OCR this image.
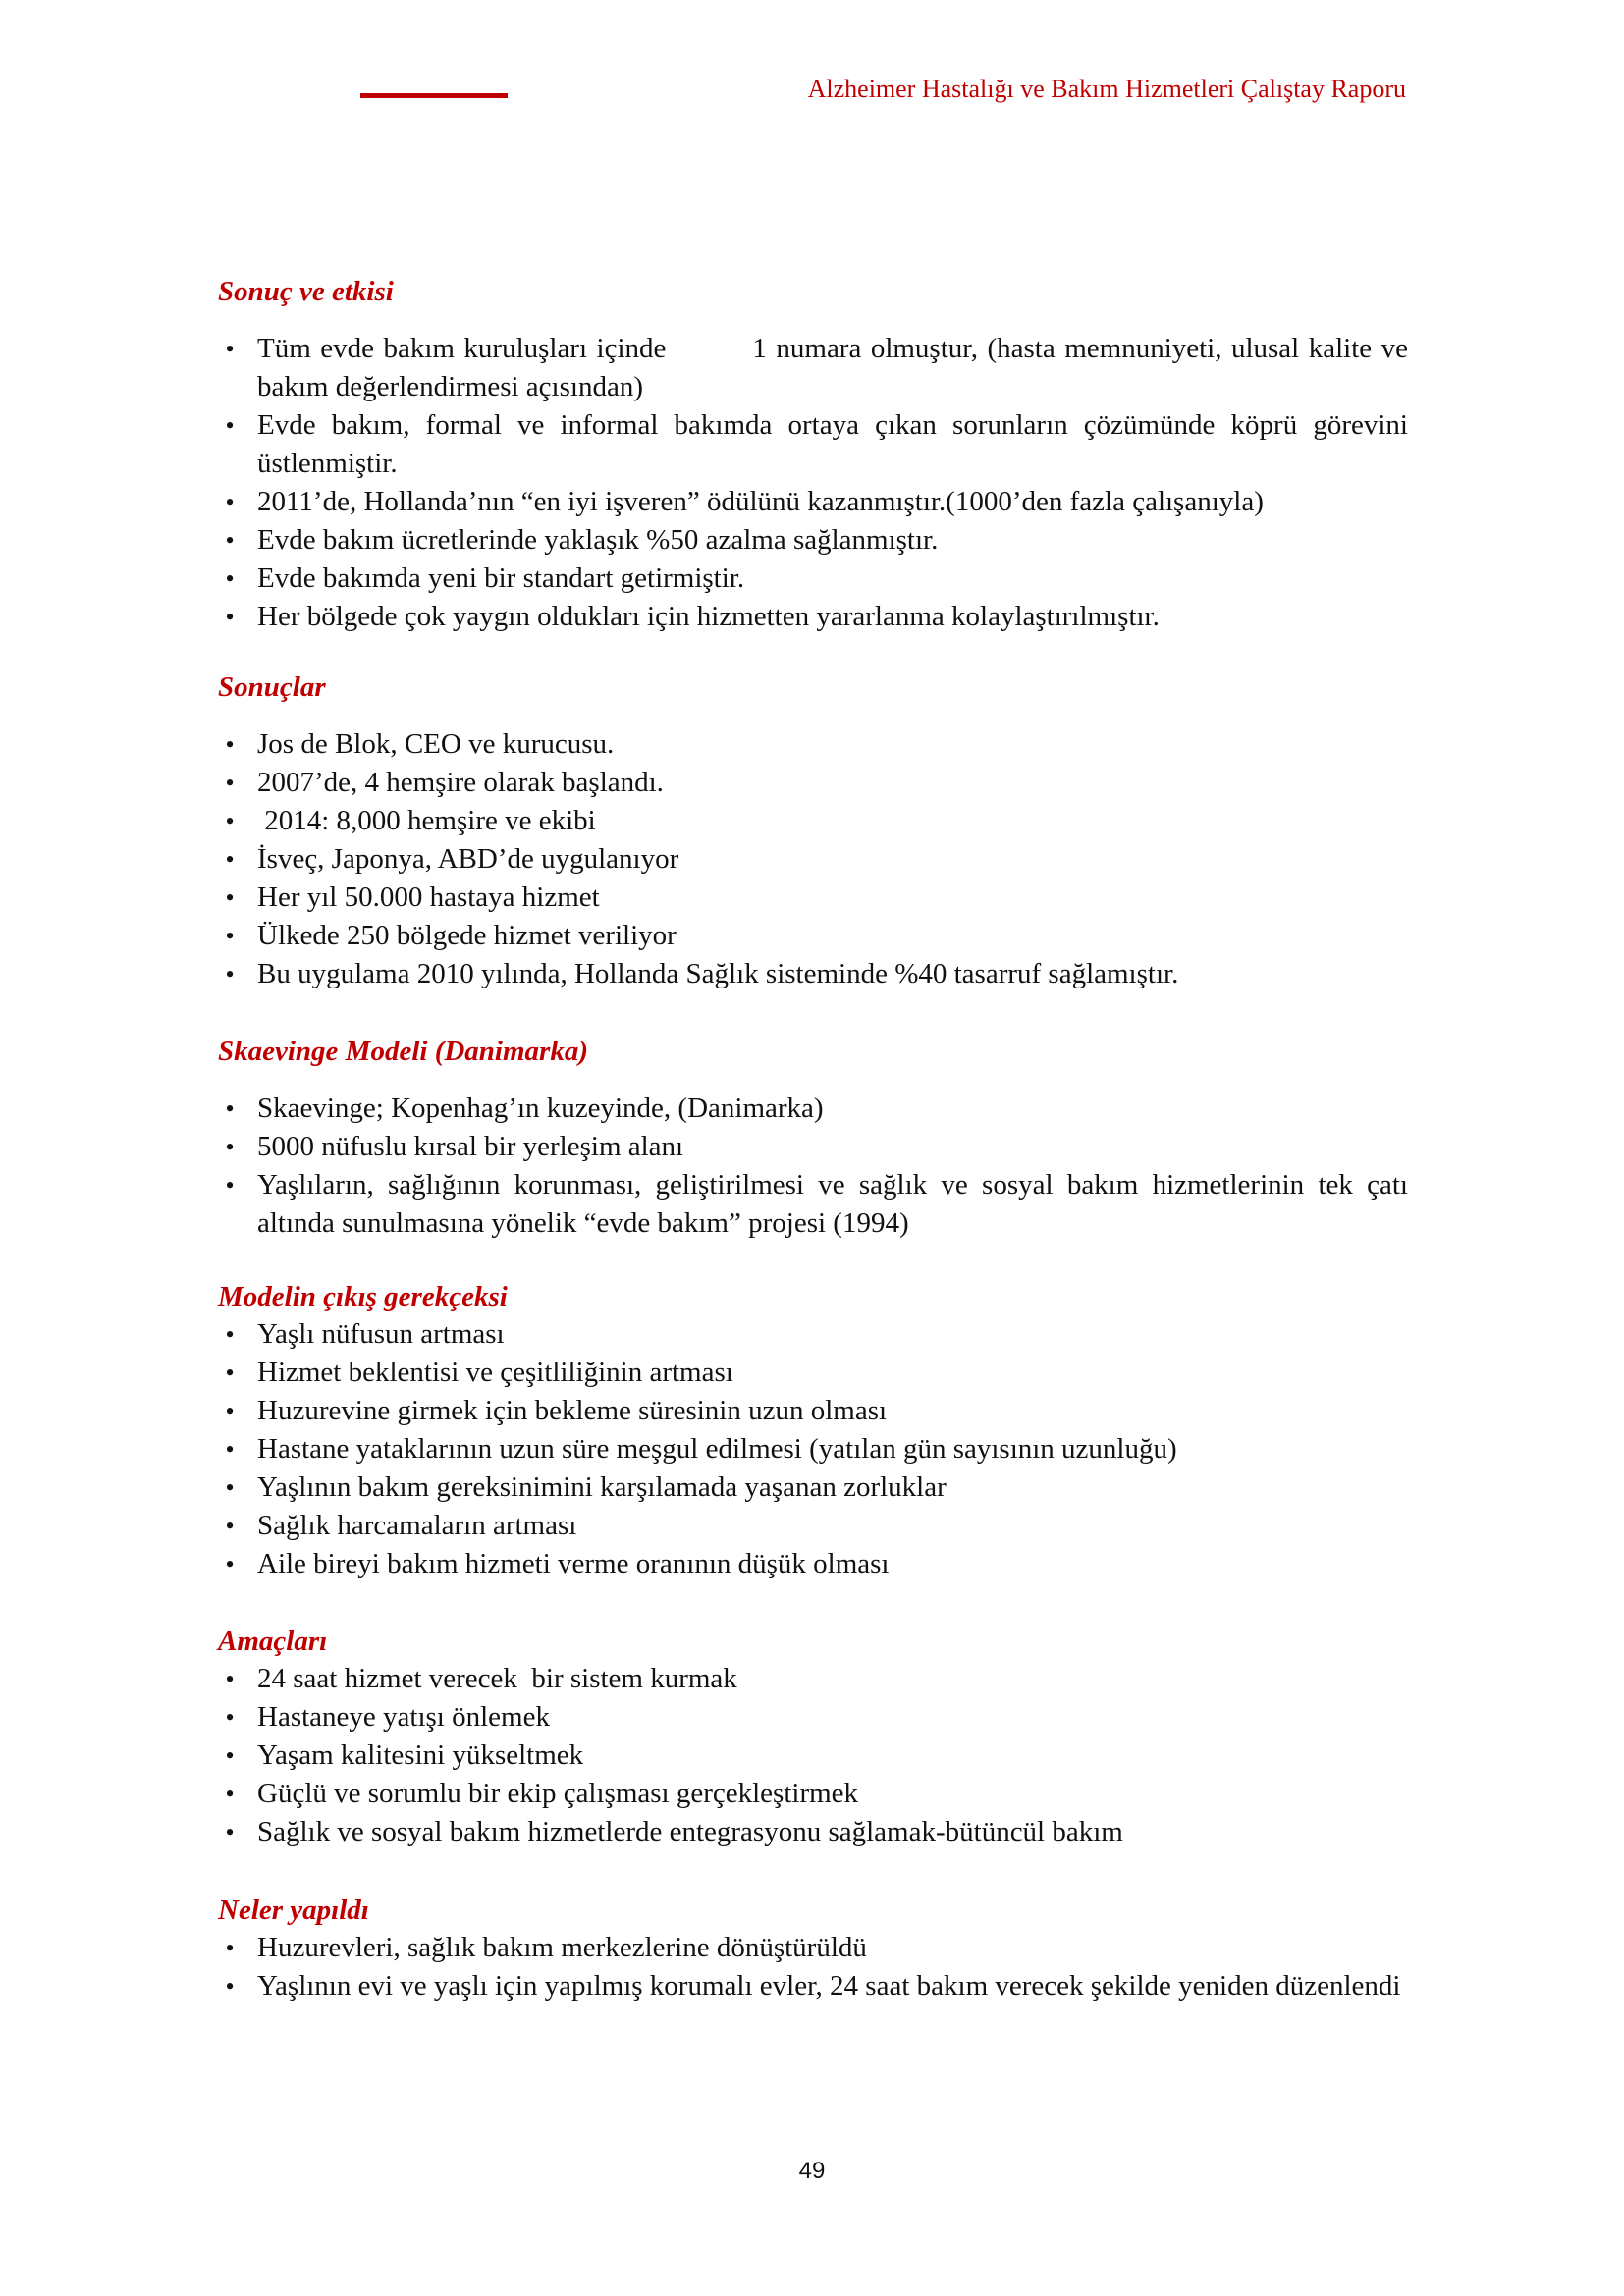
Alzheimer Hastalığı ve Bakım Hizmetleri Çalıştay Raporu
Sonuç ve etkisi
• Tüm evde bakım kuruluşları içinde	1 numara olmuştur, (hasta memnuniyeti, ulusal kalite ve bakım değerlendirmesi açısından)
• Evde bakım, formal ve informal bakımda ortaya çıkan sorunların çözümünde köprü görevini üstlenmiştir.
• 2011’de, Hollanda’nın “en iyi işveren” ödülünü kazanmıştır.(1000’den fazla çalışanıyla)
• Evde bakım ücretlerinde yaklaşık %50 azalma sağlanmıştır.
• Evde bakımda yeni bir standart getirmiştir.
• Her bölgede çok yaygın oldukları için hizmetten yararlanma kolaylaştırılmıştır.
Sonuçlar
• Jos de Blok, CEO ve kurucusu.
• 2007’de, 4 hemşire olarak başlandı.
• 2014: 8,000 hemşire ve ekibi
• İsveç, Japonya, ABD’de uygulanıyor
• Her yıl 50.000 hastaya hizmet
• Ülkede 250 bölgede hizmet veriliyor
• Bu uygulama 2010 yılında, Hollanda Sağlık sisteminde %40 tasarruf sağlamıştır.
Skaevinge Modeli (Danimarka)
• Skaevinge; Kopenhag’ın kuzeyinde, (Danimarka)
• 5000 nüfuslu kırsal bir yerleşim alanı
• Yaşlıların, sağlığının korunması, geliştirilmesi ve sağlık ve sosyal bakım hizmetlerinin tek çatı altında sunulmasına yönelik “evde bakım” projesi (1994)
Modelin çıkış gerekçeksi
• Yaşlı nüfusun artması
• Hizmet beklentisi ve çeşitliliğinin artması
• Huzurevine girmek için bekleme süresinin uzun olması
• Hastane yataklarının uzun süre meşgul edilmesi (yatılan gün sayısının uzunluğu)
• Yaşlının bakım gereksinimini karşılamada yaşanan zorluklar
• Sağlık harcamaların artması
• Aile bireyi bakım hizmeti verme oranının düşük olması
Amaçları
• 24 saat hizmet verecek  bir sistem kurmak
• Hastaneye yatışı önlemek
• Yaşam kalitesini yükseltmek
• Güçlü ve sorumlu bir ekip çalışması gerçekleştirmek
• Sağlık ve sosyal bakım hizmetlerde entegrasyonu sağlamak-bütüncül bakım
Neler yapıldı
• Huzurevleri, sağlık bakım merkezlerine dönüştürüldü
• Yaşlının evi ve yaşlı için yapılmış korumalı evler, 24 saat bakım verecek şekilde yeniden düzenlendi
49
